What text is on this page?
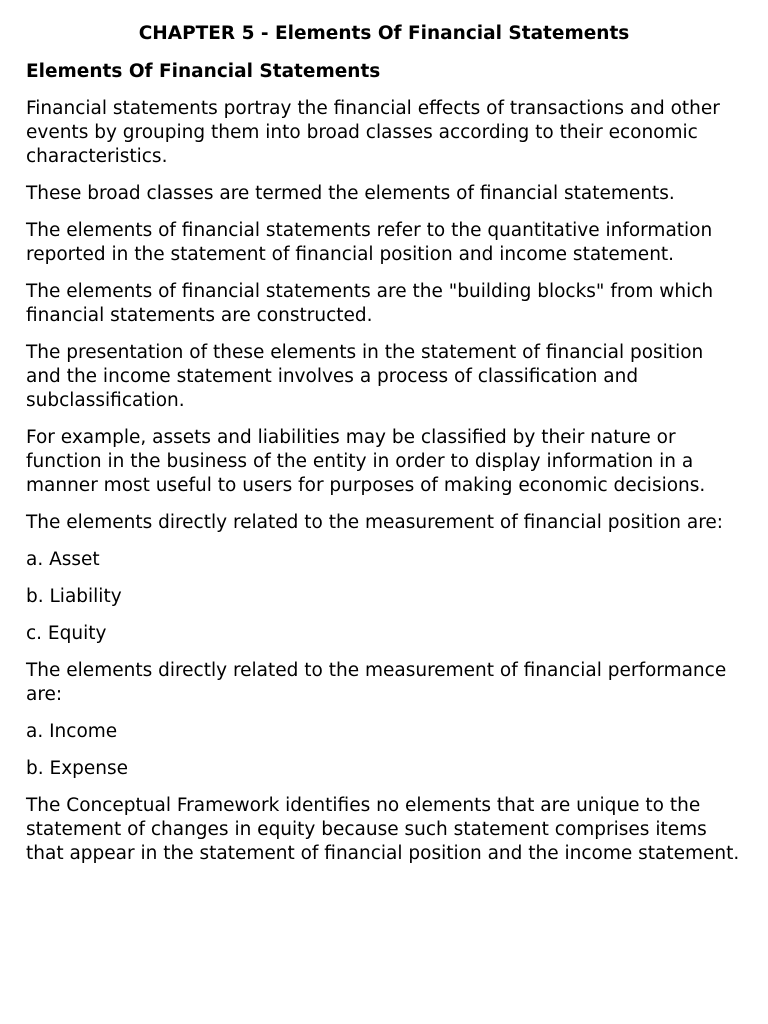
CHAPTER 5 - Elements Of Financial Statements
Elements Of Financial Statements

Financial statements portray the financial effects of transactions and other events by grouping them into broad classes according to their economic characteristics.

These broad classes are termed the elements of financial statements.

The elements of financial statements refer to the quantitative information reported in the statement of financial position and income statement.

The elements of financial statements are the "building blocks" from which financial statements are constructed.

The presentation of these elements in the statement of financial position and the income statement involves a process of classification and subclassification.

For example, assets and liabilities may be classified by their nature or function in the business of the entity in order to display information in a manner most useful to users for purposes of making economic decisions.

The elements directly related to the measurement of financial position are:

a. Asset

b. Liability

c. Equity

The elements directly related to the measurement of financial performance are:

a. Income

b. Expense

The Conceptual Framework identifies no elements that are unique to the statement of changes in equity because such statement comprises items that appear in the statement of financial position and the income statement.
